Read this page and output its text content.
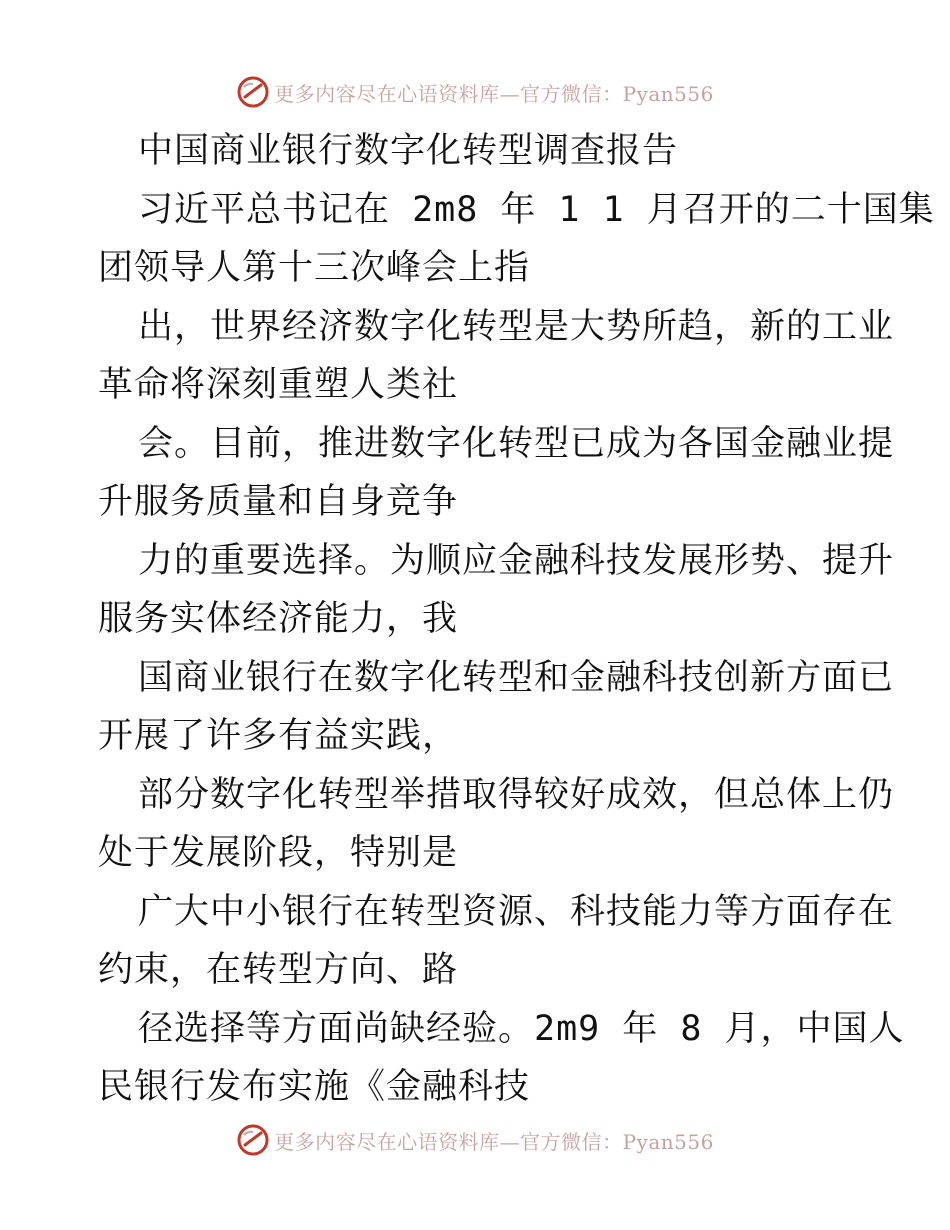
更多内容尽在心语资料库—官方微信：Pyan556
中国商业银行数字化转型调查报告
习近平总书记在 2m8 年 1 1 月召开的二十国集
团领导人第十三次峰会上指
出，世界经济数字化转型是大势所趋，新的工业
革命将深刻重塑人类社
会。目前，推进数字化转型已成为各国金融业提
升服务质量和自身竞争
力的重要选择。为顺应金融科技发展形势、提升
服务实体经济能力，我
国商业银行在数字化转型和金融科技创新方面已
开展了许多有益实践，
部分数字化转型举措取得较好成效，但总体上仍
处于发展阶段，特别是
广大中小银行在转型资源、科技能力等方面存在
约束，在转型方向、路
径选择等方面尚缺经验。2m9 年 8 月，中国人
民银行发布实施《金融科技
更多内容尽在心语资料库—官方微信：Pyan556
